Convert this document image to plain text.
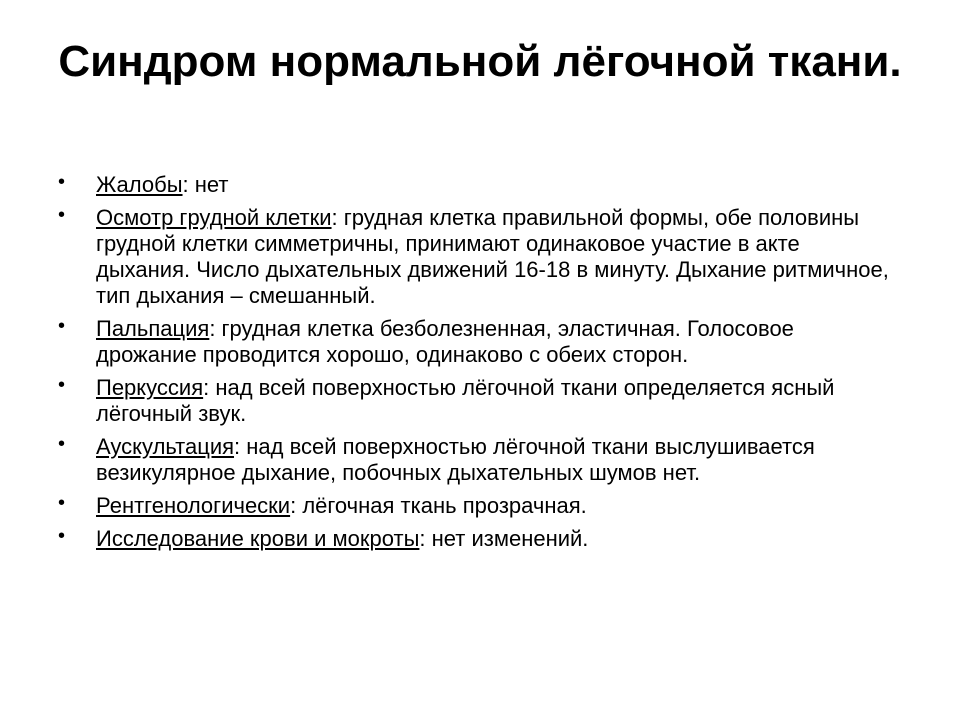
Синдром нормальной лёгочной ткани.
• Жалобы: нет
• Осмотр грудной клетки: грудная клетка правильной формы, обе половины грудной клетки симметричны, принимают одинаковое участие в акте дыхания. Число дыхательных движений 16-18 в минуту. Дыхание ритмичное, тип дыхания – смешанный.
• Пальпация: грудная клетка безболезненная, эластичная. Голосовое дрожание проводится хорошо, одинаково с обеих сторон.
• Перкуссия: над всей поверхностью лёгочной ткани определяется ясный лёгочный звук.
• Аускультация: над всей поверхностью лёгочной ткани выслушивается везикулярное дыхание, побочных дыхательных шумов нет.
• Рентгенологически: лёгочная ткань прозрачная.
• Исследование крови и мокроты: нет изменений.
